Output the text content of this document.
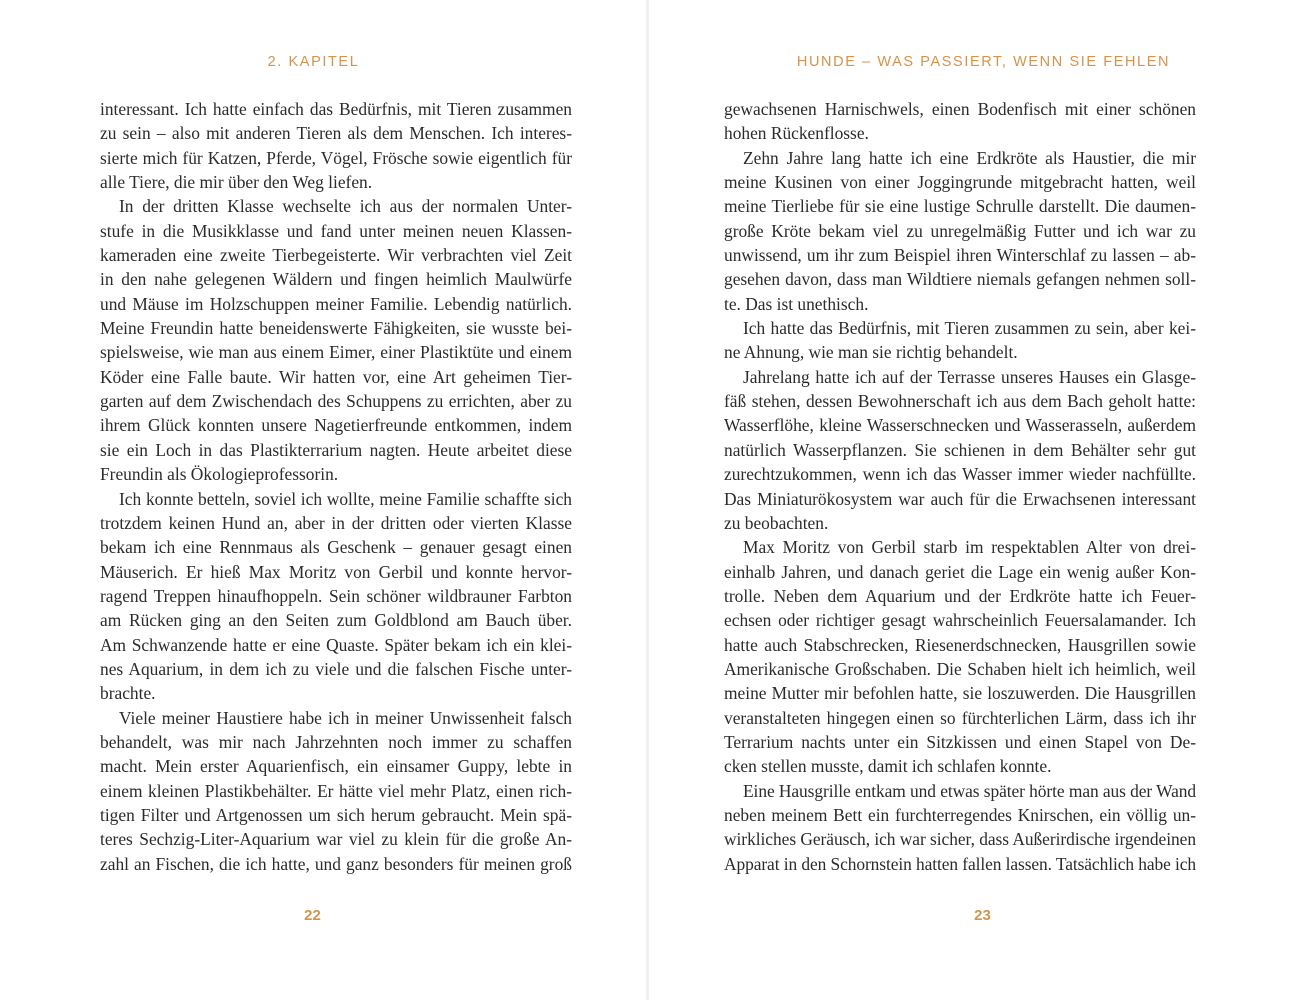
2. KAPITEL
interessant. Ich hatte einfach das Bedürfnis, mit Tieren zusammen
zu sein – also mit anderen Tieren als dem Menschen. Ich interes-
sierte mich für Katzen, Pferde, Vögel, Frösche sowie eigentlich für
alle Tiere, die mir über den Weg liefen.
In der dritten Klasse wechselte ich aus der normalen Unter-
stufe in die Musikklasse und fand unter meinen neuen Klassen-
kameraden eine zweite Tierbegeisterte. Wir verbrachten viel Zeit
in den nahe gelegenen Wäldern und fingen heimlich Maulwürfe
und Mäuse im Holzschuppen meiner Familie. Lebendig natürlich.
Meine Freundin hatte beneidenswerte Fähigkeiten, sie wusste bei-
spielsweise, wie man aus einem Eimer, einer Plastiktüte und einem
Köder eine Falle baute. Wir hatten vor, eine Art geheimen Tier-
garten auf dem Zwischendach des Schuppens zu errichten, aber zu
ihrem Glück konnten unsere Nagetierfreunde entkommen, indem
sie ein Loch in das Plastikterrarium nagten. Heute arbeitet diese
Freundin als Ökologieprofessorin.
Ich konnte betteln, soviel ich wollte, meine Familie schaffte sich
trotzdem keinen Hund an, aber in der dritten oder vierten Klasse
bekam ich eine Rennmaus als Geschenk – genauer gesagt einen
Mäuserich. Er hieß Max Moritz von Gerbil und konnte hervor-
ragend Treppen hinaufhoppeln. Sein schöner wildbrauner Farbton
am Rücken ging an den Seiten zum Goldblond am Bauch über.
Am Schwanzende hatte er eine Quaste. Später bekam ich ein klei-
nes Aquarium, in dem ich zu viele und die falschen Fische unter-
brachte.
Viele meiner Haustiere habe ich in meiner Unwissenheit falsch
behandelt, was mir nach Jahrzehnten noch immer zu schaffen
macht. Mein erster Aquarienfisch, ein einsamer Guppy, lebte in
einem kleinen Plastikbehälter. Er hätte viel mehr Platz, einen rich-
tigen Filter und Artgenossen um sich herum gebraucht. Mein spä-
teres Sechzig-Liter-Aquarium war viel zu klein für die große An-
zahl an Fischen, die ich hatte, und ganz besonders für meinen groß
22
HUNDE – WAS PASSIERT, WENN SIE FEHLEN
gewachsenen Harnischwels, einen Bodenfisch mit einer schönen
hohen Rückenflosse.
Zehn Jahre lang hatte ich eine Erdkröte als Haustier, die mir
meine Kusinen von einer Joggingrunde mitgebracht hatten, weil
meine Tierliebe für sie eine lustige Schrulle darstellt. Die daumen-
große Kröte bekam viel zu unregelmäßig Futter und ich war zu
unwissend, um ihr zum Beispiel ihren Winterschlaf zu lassen – ab-
gesehen davon, dass man Wildtiere niemals gefangen nehmen soll-
te. Das ist unethisch.
Ich hatte das Bedürfnis, mit Tieren zusammen zu sein, aber kei-
ne Ahnung, wie man sie richtig behandelt.
Jahrelang hatte ich auf der Terrasse unseres Hauses ein Glasge-
fäß stehen, dessen Bewohnerschaft ich aus dem Bach geholt hatte:
Wasserflöhe, kleine Wasserschnecken und Wasserasseln, außerdem
natürlich Wasserpflanzen. Sie schienen in dem Behälter sehr gut
zurechtzukommen, wenn ich das Wasser immer wieder nachfüllte.
Das Miniaturökosystem war auch für die Erwachsenen interessant
zu beobachten.
Max Moritz von Gerbil starb im respektablen Alter von drei-
einhalb Jahren, und danach geriet die Lage ein wenig außer Kon-
trolle. Neben dem Aquarium und der Erdkröte hatte ich Feuer-
echsen oder richtiger gesagt wahrscheinlich Feuersalamander. Ich
hatte auch Stabschrecken, Riesenerdschnecken, Hausgrillen sowie
Amerikanische Großschaben. Die Schaben hielt ich heimlich, weil
meine Mutter mir befohlen hatte, sie loszuwerden. Die Hausgrillen
veranstalteten hingegen einen so fürchterlichen Lärm, dass ich ihr
Terrarium nachts unter ein Sitzkissen und einen Stapel von De-
cken stellen musste, damit ich schlafen konnte.
Eine Hausgrille entkam und etwas später hörte man aus der Wand
neben meinem Bett ein furchterregendes Knirschen, ein völlig un-
wirkliches Geräusch, ich war sicher, dass Außerirdische irgendeinen
Apparat in den Schornstein hatten fallen lassen. Tatsächlich habe ich
23
